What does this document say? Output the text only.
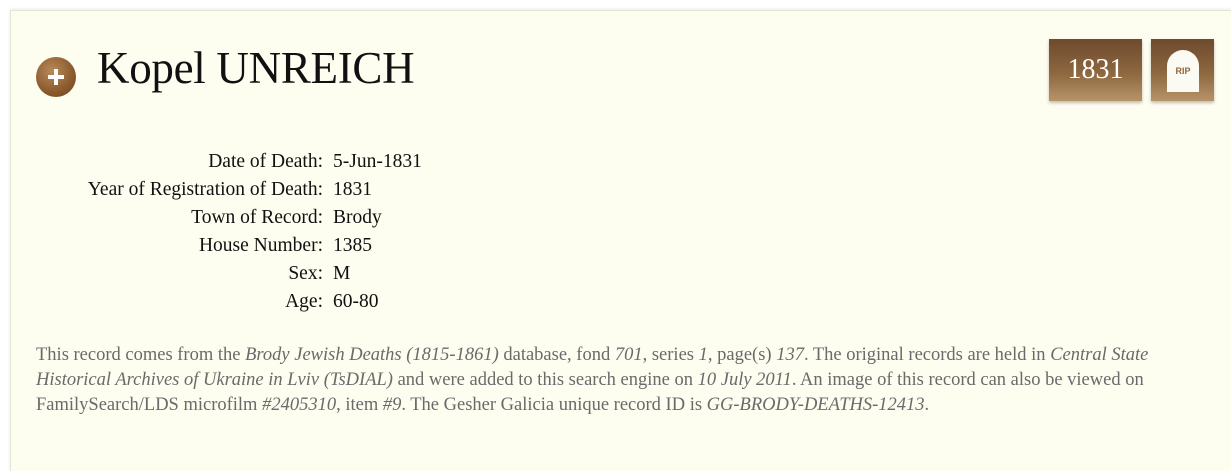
Kopel UNREICH	1831	RIP
Date of Death: 5-Jun-1831
Year of Registration of Death: 1831
Town of Record: Brody
House Number: 1385
Sex: M
Age: 60-80
This record comes from the Brody Jewish Deaths (1815-1861) database, fond 701, series 1, page(s) 137. The original records are held in Central State Historical Archives of Ukraine in Lviv (TsDIAL) and were added to this search engine on 10 July 2011. An image of this record can also be viewed on FamilySearch/LDS microfilm #2405310, item #9. The Gesher Galicia unique record ID is GG-BRODY-DEATHS-12413.
